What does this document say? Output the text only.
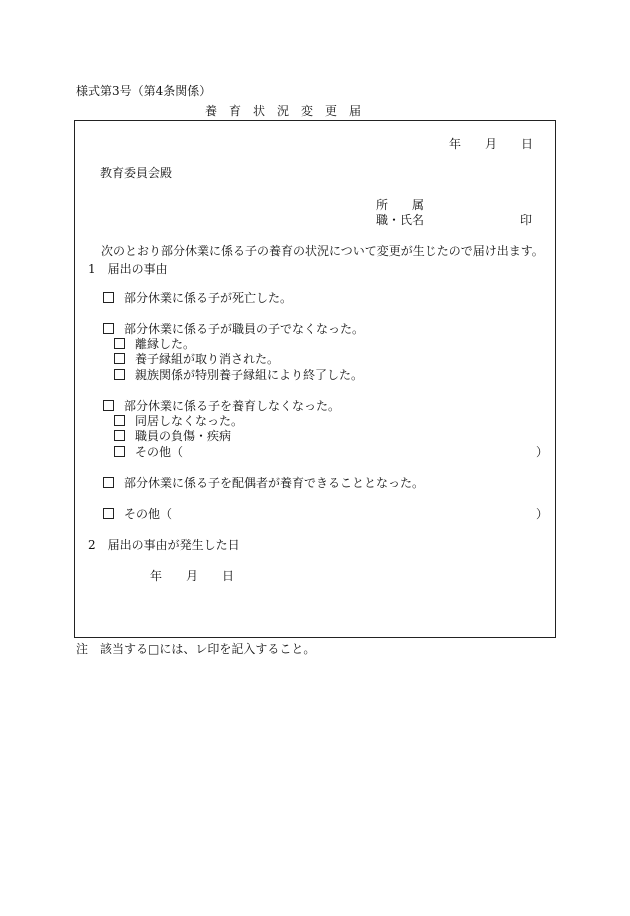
様式第3号（第4条関係）
養　育　状　況　変　更　届
年 月 日
教育委員会殿
所　　属
職・氏名	印
次のとおり部分休業に係る子の養育の状況について変更が生じたので届け出ます。
1　届出の事由
部分休業に係る子が死亡した。
部分休業に係る子が職員の子でなくなった。
離縁した。
養子縁組が取り消された。
親族関係が特別養子縁組により終了した。
部分休業に係る子を養育しなくなった。
同居しなくなった。
職員の負傷・疾病
その他（	）
部分休業に係る子を配偶者が養育できることとなった。
その他（	）
2　届出の事由が発生した日
年 月 日
注　該当する□には、レ印を記入すること。
